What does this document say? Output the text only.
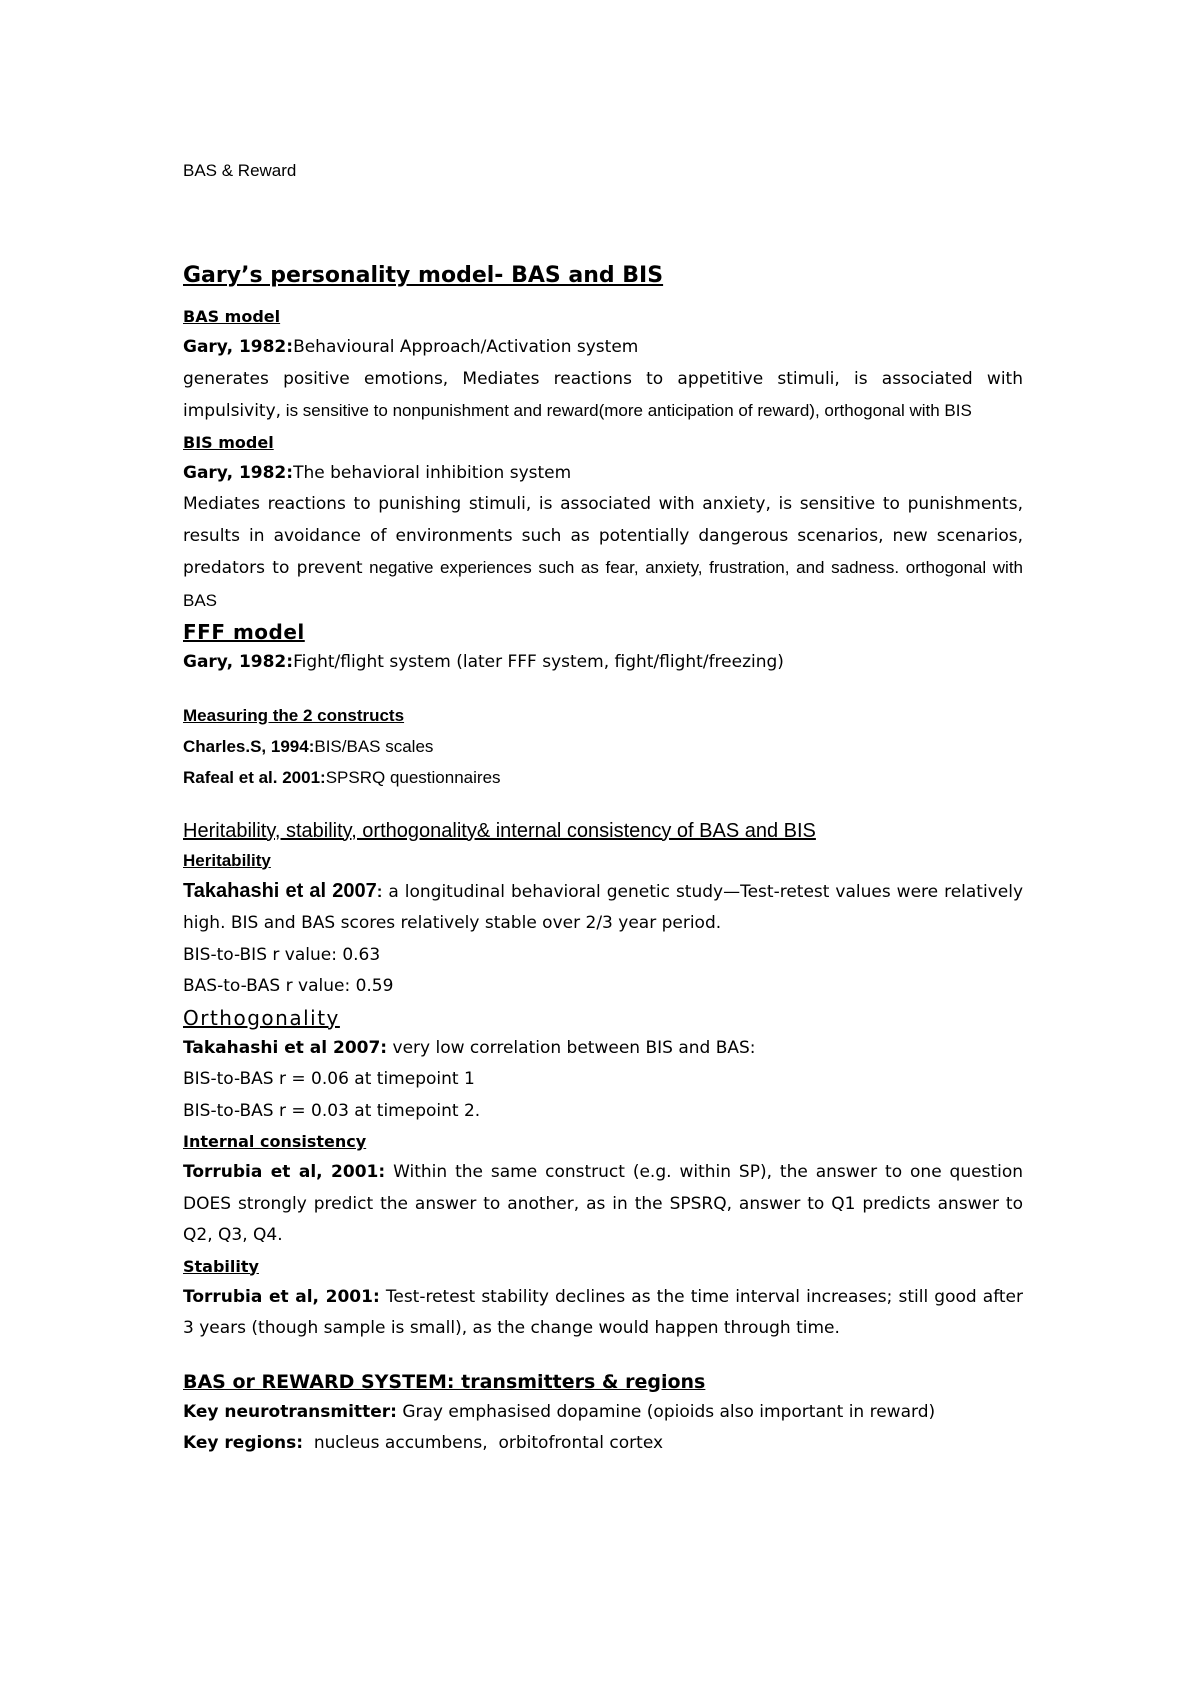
BAS & Reward
Gary’s personality model- BAS and BIS
BAS model

Gary, 1982:Behavioural Approach/Activation system

generates positive emotions, Mediates reactions to appetitive stimuli, is associated with impulsivity, is sensitive to nonpunishment and reward(more anticipation of reward), orthogonal with BIS

BIS model

Gary, 1982:The behavioral inhibition system

Mediates reactions to punishing stimuli, is associated with anxiety, is sensitive to punishments, results in avoidance of environments such as potentially dangerous scenarios, new scenarios, predators to prevent negative experiences such as fear, anxiety, frustration, and sadness. orthogonal with BAS

FFF model

Gary, 1982:Fight/flight system (later FFF system, fight/flight/freezing)

Measuring the 2 constructs

Charles.S, 1994:BIS/BAS scales

Rafeal et al. 2001:SPSRQ questionnaires

Heritability, stability, orthogonality& internal consistency of BAS and BIS
Heritability

Takahashi et al 2007: a longitudinal behavioral genetic study—Test-retest values were relatively high. BIS and BAS scores relatively stable over 2/3 year period.

BIS-to-BIS r value: 0.63

BAS-to-BAS r value: 0.59

Orthogonality

Takahashi et al 2007: very low correlation between BIS and BAS:

BIS-to-BAS r = 0.06 at timepoint 1

BIS-to-BAS r = 0.03 at timepoint 2.

Internal consistency

Torrubia et al, 2001: Within the same construct (e.g. within SP), the answer to one question DOES strongly predict the answer to another, as in the SPSRQ, answer to Q1 predicts answer to Q2, Q3, Q4.

Stability

Torrubia et al, 2001: Test-retest stability declines as the time interval increases; still good after 3 years (though sample is small), as the change would happen through time.

BAS or REWARD SYSTEM: transmitters & regions

Key neurotransmitter: Gray emphasised dopamine (opioids also important in reward)

Key regions:  nucleus accumbens,  orbitofrontal cortex
